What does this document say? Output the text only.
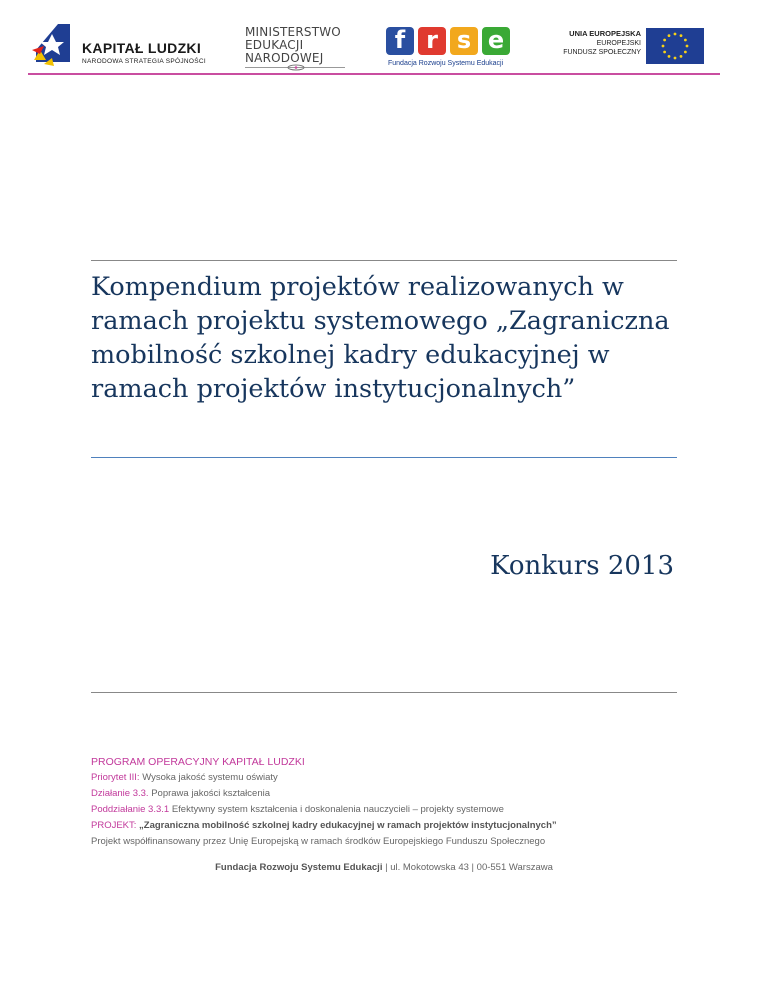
KAPITAŁ LUDZKI
NARODOWA STRATEGIA SPÓJNOŚCI
MINISTERSTWO
EDUKACJI
NARODOWEJ
f r s e
Fundacja Rozwoju Systemu Edukacji
UNIA EUROPEJSKA
EUROPEJSKI
FUNDUSZ SPOŁECZNY
Kompendium projektów realizowanych w ramach projektu systemowego „Zagraniczna mobilność szkolnej kadry edukacyjnej w ramach projektów instytucjonalnych”
Konkurs 2013
PROGRAM OPERACYJNY KAPITAŁ LUDZKI
Priorytet III: Wysoka jakość systemu oświaty
Działanie 3.3. Poprawa jakości kształcenia
Poddziałanie 3.3.1 Efektywny system kształcenia i doskonalenia nauczycieli – projekty systemowe
PROJEKT: „Zagraniczna mobilność szkolnej kadry edukacyjnej w ramach projektów instytucjonalnych”
Projekt współfinansowany przez Unię Europejską w ramach środków Europejskiego Funduszu Społecznego
Fundacja Rozwoju Systemu Edukacji | ul. Mokotowska 43 | 00-551 Warszawa
